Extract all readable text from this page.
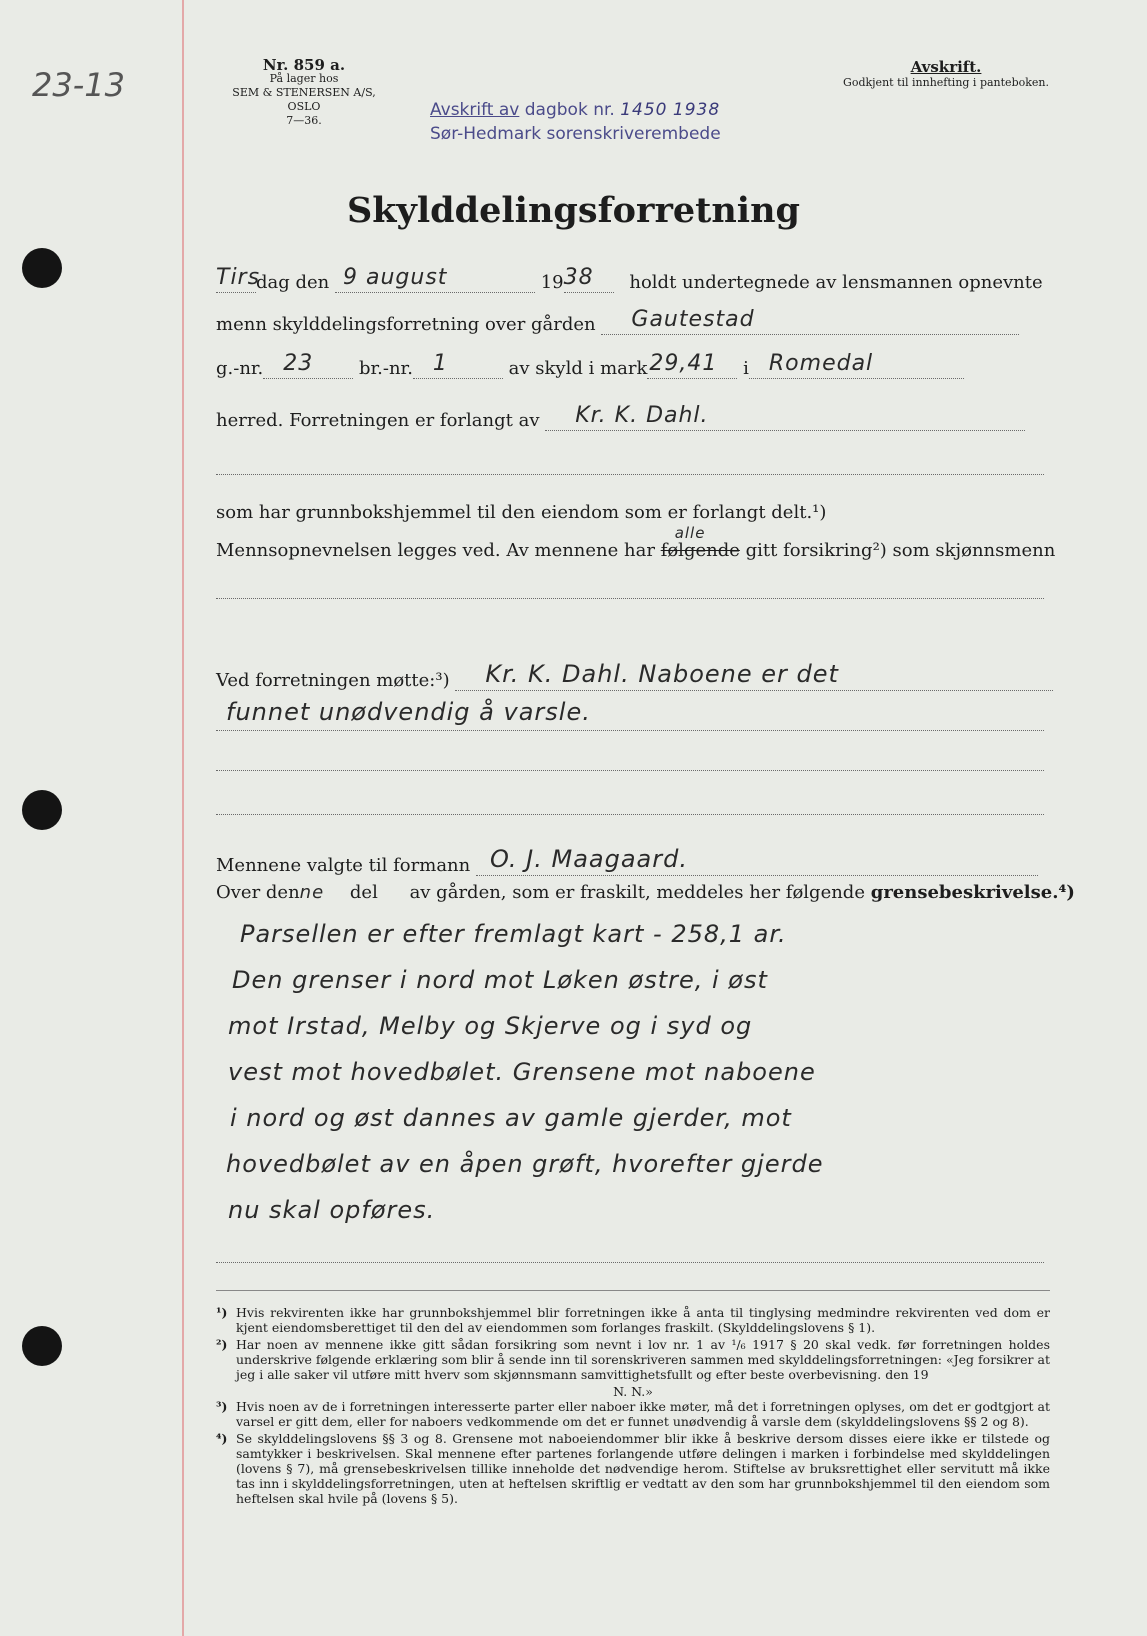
23-13
Nr. 859 a.
På lager hos
SEM & STENERSEN A/S, OSLO
7—36.
Avskrift.
Godkjent til innhefting i panteboken.
Avskrift av dagbok nr. 1450 1938
Sør-Hedmark sorenskriverembede
Skylddelingsforretning
Tirs
dag den 9 august	19 38 holdt undertegnede av lensmannen opnevnte
menn skylddelingsforretning over gården Gautestad
g.-nr. 23	br.-nr. 1	av skyld i mark 29,41 i Romedal
herred. Forretningen er forlangt av Kr. K. Dahl.
som har grunnbokshjemmel til den eiendom som er forlangt delt.¹)
Mennsopnevnelsen legges ved. Av mennene har følgende
alle
gitt forsikring²) som skjønnsmenn
Ved forretningen møtte:³) Kr. K. Dahl. Naboene er det
funnet unødvendig å varsle.
Mennene valgte til formann O. J. Maagaard.
Over denne del av gården, som er fraskilt, meddeles her følgende grensebeskrivelse.⁴)
Parsellen er efter fremlagt kart - 258,1 ar.
Den grenser i nord mot Løken østre, i øst
mot Irstad, Melby og Skjerve og i syd og
vest mot hovedbølet. Grensene mot naboene
i nord og øst dannes av gamle gjerder, mot
hovedbølet av en åpen grøft, hvorefter gjerde
nu skal opføres.
¹) Hvis rekvirenten ikke har grunnbokshjemmel blir forretningen ikke å anta til tinglysing medmindre rekvirenten ved dom er kjent eiendomsberettiget til den del av eiendommen som forlanges fraskilt. (Skylddelingslovens § 1).
²) Har noen av mennene ikke gitt sådan forsikring som nevnt i lov nr. 1 av ¹/₆ 1917 § 20 skal vedk. før forretningen holdes underskrive følgende erklæring som blir å sende inn til sorenskriveren sammen med skylddelingsforretningen: «Jeg forsikrer at jeg i alle saker vil utføre mitt hverv som skjønnsmann samvittighetsfullt og efter beste overbevisning. den 19
N. N.»
³) Hvis noen av de i forretningen interesserte parter eller naboer ikke møter, må det i forretningen oplyses, om det er godtgjort at varsel er gitt dem, eller for naboers vedkommende om det er funnet unødvendig å varsle dem (skylddelingslovens §§ 2 og 8).
⁴) Se skylddelingslovens §§ 3 og 8. Grensene mot naboeiendommer blir ikke å beskrive dersom disses eiere ikke er tilstede og samtykker i beskrivelsen. Skal mennene efter partenes forlangende utføre delingen i marken i forbindelse med skylddelingen (lovens § 7), må grensebeskrivelsen tillike inneholde det nødvendige herom. Stiftelse av bruksrettighet eller servitutt må ikke tas inn i skylddelingsforretningen, uten at heftelsen skriftlig er vedtatt av den som har grunnbokshjemmel til den eiendom som heftelsen skal hvile på (lovens § 5).
